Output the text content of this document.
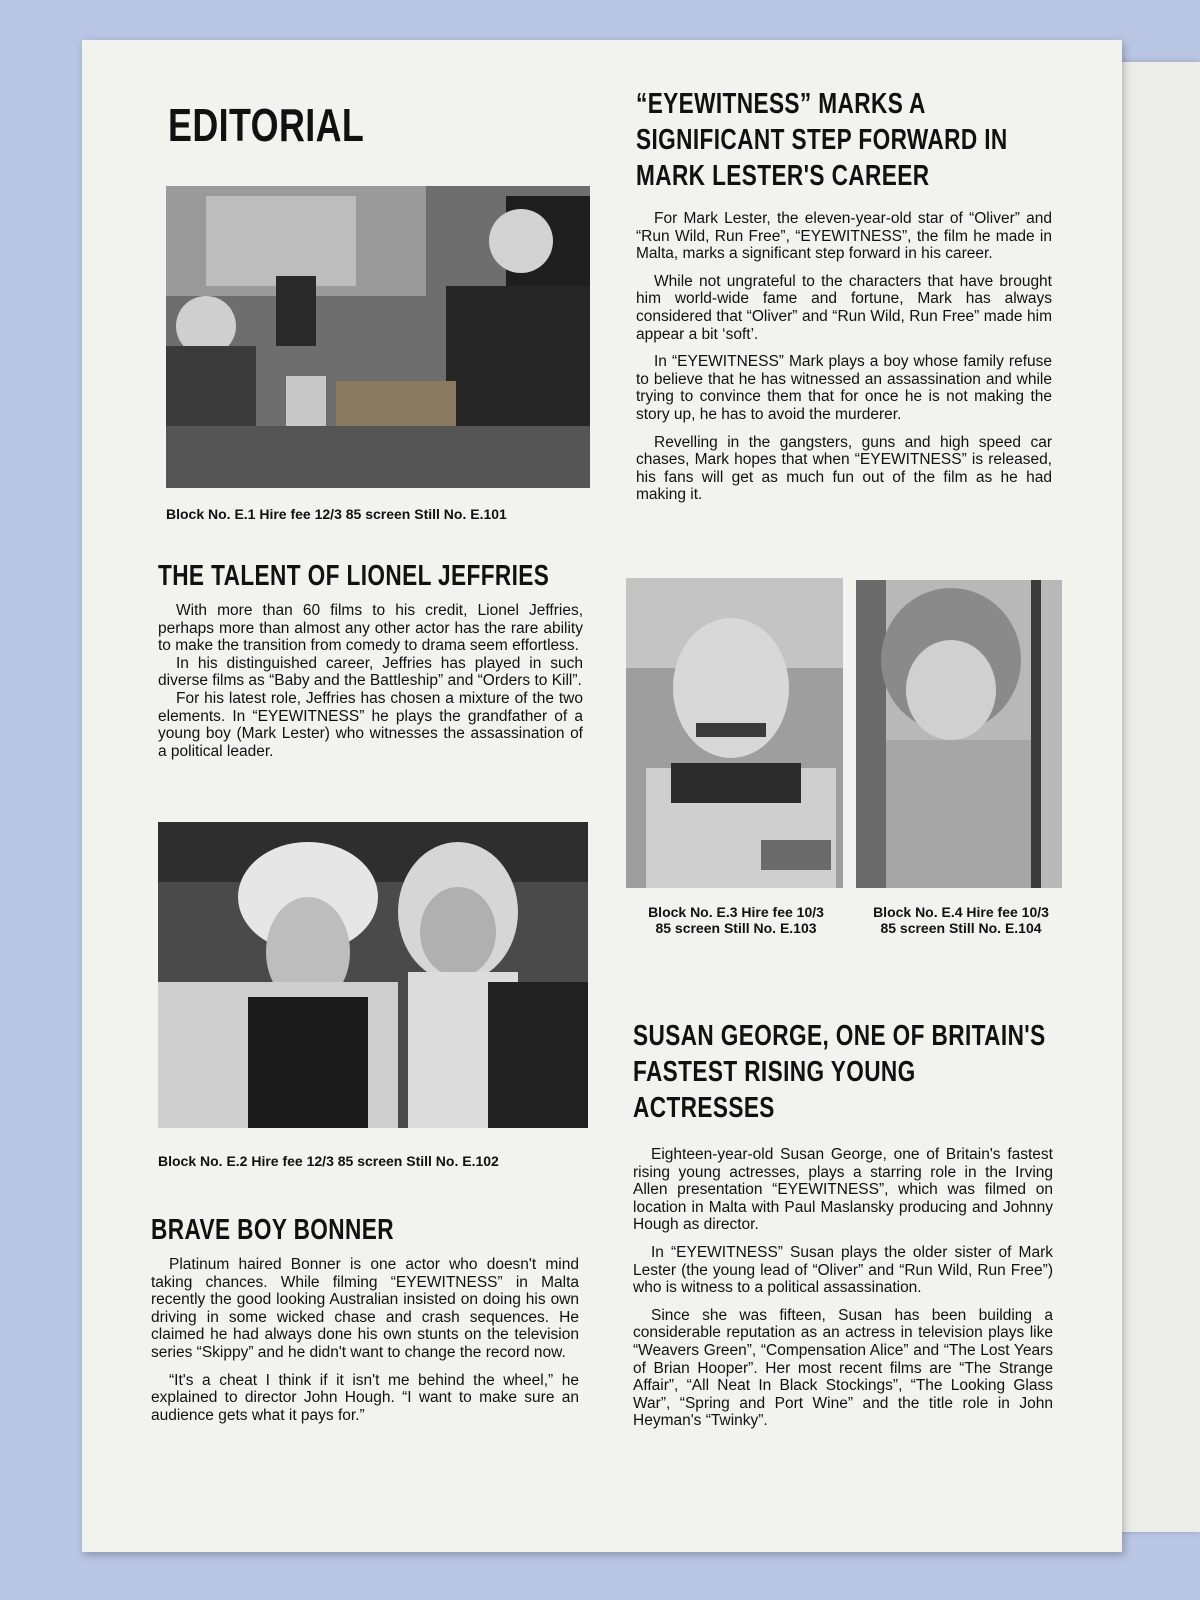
EDITORIAL
Block No. E.1 Hire fee 12/3 85 screen Still No. E.101
THE TALENT OF LIONEL JEFFRIES

With more than 60 films to his credit, Lionel Jeffries, perhaps more than almost any other actor has the rare ability to make the transition from comedy to drama seem effortless.

In his distinguished career, Jeffries has played in such diverse films as “Baby and the Battleship” and “Orders to Kill”.

For his latest role, Jeffries has chosen a mixture of the two elements. In “EYEWITNESS” he plays the grandfather of a young boy (Mark Lester) who witnesses the assassination of a political leader.

Block No. E.2 Hire fee 12/3 85 screen Still No. E.102
BRAVE BOY BONNER

Platinum haired Bonner is one actor who doesn't mind taking chances. While filming “EYEWITNESS” in Malta recently the good looking Australian insisted on doing his own driving in some wicked chase and crash sequences. He claimed he had always done his own stunts on the television series “Skippy” and he didn't want to change the record now.

“It's a cheat I think if it isn't me behind the wheel,” he explained to director John Hough. “I want to make sure an audience gets what it pays for.”

“EYEWITNESS” MARKS A
SIGNIFICANT STEP FORWARD IN
MARK LESTER'S CAREER

For Mark Lester, the eleven-year-old star of “Oliver” and “Run Wild, Run Free”, “EYEWITNESS”, the film he made in Malta, marks a significant step forward in his career.

While not ungrateful to the characters that have brought him world-wide fame and fortune, Mark has always considered that “Oliver” and “Run Wild, Run Free” made him appear a bit ‘soft’.

In “EYEWITNESS” Mark plays a boy whose family refuse to believe that he has witnessed an assassination and while trying to convince them that for once he is not making the story up, he has to avoid the murderer.

Revelling in the gangsters, guns and high speed car chases, Mark hopes that when “EYEWITNESS” is released, his fans will get as much fun out of the film as he had making it.

Block No. E.3 Hire fee 10/3
85 screen Still No. E.103
Block No. E.4 Hire fee 10/3
85 screen Still No. E.104
SUSAN GEORGE, ONE OF BRITAIN'S
FASTEST RISING YOUNG
ACTRESSES

Eighteen-year-old Susan George, one of Britain's fastest rising young actresses, plays a starring role in the Irving Allen presentation “EYEWITNESS”, which was filmed on location in Malta with Paul Maslansky producing and Johnny Hough as director.

In “EYEWITNESS” Susan plays the older sister of Mark Lester (the young lead of “Oliver” and “Run Wild, Run Free”) who is witness to a political assassination.

Since she was fifteen, Susan has been building a considerable reputation as an actress in television plays like “Weavers Green”, “Compensation Alice” and “The Lost Years of Brian Hooper”. Her most recent films are “The Strange Affair”, “All Neat In Black Stockings”, “The Looking Glass War”, “Spring and Port Wine” and the title role in John Heyman's “Twinky”.
